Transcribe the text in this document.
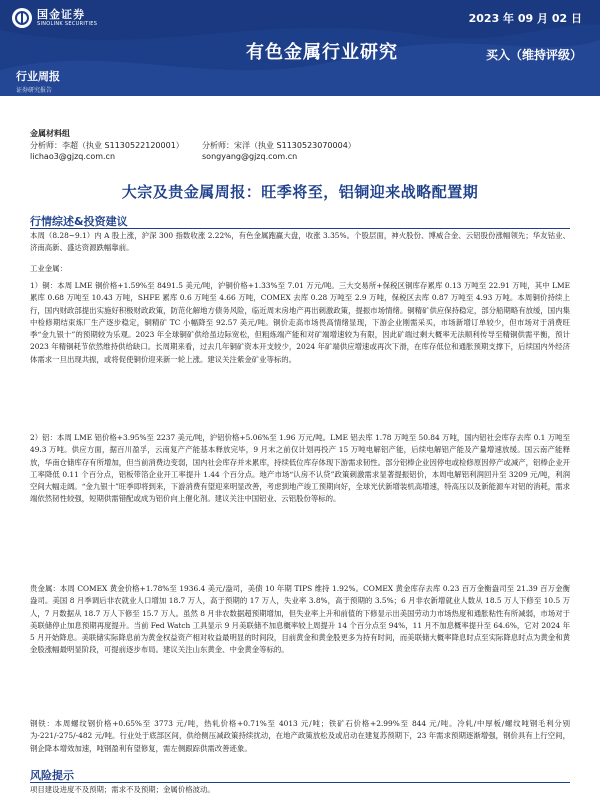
国金证券
SINOLINK SECURITIES	2023 年 09 月 02 日
有色金属行业研究	买入（维持评级）
行业周报
证券研究报告
金属材料组
分析师：李超（执业 S1130522120001） 分析师：宋洋（执业 S1130523070004）
lichao3@gjzq.com.cn	songyang@gjzq.com.cn
大宗及贵金属周报：旺季将至，铝铜迎来战略配置期
行情综述&投资建议

本周（8.28~9.1）内 A 股上涨，沪深 300 指数收涨 2.22%，有色金属跑赢大盘，收涨 3.35%。个股层面，神火股份、博威合金、云铝股份涨幅领先；华友钴业、济南高新、盛达资源跌幅靠前。

工业金属：

1）铜：本周 LME 铜价格+1.59%至 8491.5 美元/吨，沪铜价格+1.33%至 7.01 万元/吨。三大交易所+保税区铜库存累库 0.13 万吨至 22.91 万吨，其中 LME 累库 0.68 万吨至 10.43 万吨，SHFE 累库 0.6 万吨至 4.66 万吨，COMEX 去库 0.28 万吨至 2.9 万吨，保税区去库 0.87 万吨至 4.93 万吨。本周铜价持续上行，国内财政部提出实施好积极财政政策，防范化解地方债务风险，临近周末房地产再出刺激政策，提振市场情绪。铜精矿供应保持稳定，部分船期略有放缓，国内集中检修期结束炼厂生产逐步稳定，铜精矿 TC 小幅降至 92.57 美元/吨。铜价走高市场畏高情绪显现，下游企业刚需采买，市场新增订单较少，但市场对于消费旺季“金九银十”的预期较为乐观。2023 年全球铜矿供给虽边际宽松，但粗炼端产能和对矿端增速较为有限，因此矿端过剩大概率无法顺利传导至精铜供需平衡，预计 2023 年精铜耗节依然维持供给缺口。长周期来看，过去几年铜矿资本开支较少，2024 年矿端供应增速或再次下滑，在库存低位和通胀预期支撑下，后续国内外经济体需求一旦出现共振，或将促使铜价迎来新一轮上涨。建议关注紫金矿业等标的。

2）铝：本周 LME 铝价格+3.95%至 2237 美元/吨，沪铝价格+5.06%至 1.96 万元/吨。LME 铝去库 1.78 万吨至 50.84 万吨，国内铝社会库存去库 0.1 万吨至 49.3 万吨。供应方面，据百川盈孚，云南复产产能基本释放完毕，9 月末之前仅计划再投产 15 万吨电解铝产能，后续电解铝产能及产量增速放缓。国云南产能释放，华南仓储库存有所增加，但当前消费边变弱，国内社会库存并未累库，持续低位库存体现下游需求韧性。部分铝棒企业因停电或检修原因停产或减产，铝棒企业开工率降低 0.11 个百分点，铝板带箔企业开工率提升 1.44 个百分点。地产市场“认房不认贷”政策刺激需求显著提振铝价，本周电解铝利润回升至 3209 元/吨，利润空间大幅走阔。“金九银十”旺季即将到来，下游消费有望迎来明显改善，考虑到地产竣工预期向好，全球光伏新增装机高增速，特高压以及新能源车对铝的消耗，需求端依然韧性较强，短期供需错配或成为铝价向上催化剂。建议关注中国铝业、云铝股份等标的。

贵金属：本周 COMEX 黄金价格+1.78%至 1936.4 美元/盎司，美债 10 年期 TIPS 维持 1.92%。COMEX 黄金库存去库 0.23 百万金衡盎司至 21.39 百万金衡盎司。美国 8 月季调后非农就业人口增加 18.7 万人，高于预期的 17 万人，失业率 3.8%，高于预期的 3.5%；6 月非农新增就业人数从 18.5 万人下修至 10.5 万人，7 月数据从 18.7 万人下修至 15.7 万人。虽然 8 月非农数据超预期增加，但失业率上升和前值的下修显示出美国劳动力市场热度和通胀粘性有所减弱，市场对于美联储停止加息预期再度提升。当前 Fed Watch 工具显示 9 月美联储不加息概率较上周提升 14 个百分点至 94%，11 月不加息概率提升至 64.6%，它对 2024 年 5 月开始降息。美联储实际降息前为黄金权益资产相对收益最明显的时间段，目前黄金和黄金股更多为持有时间，而美联储大概率降息时点至实际降息时点为黄金和黄金股涨幅最明显阶段，可提前逐步布局。建议关注山东黄金、中金黄金等标的。

钢铁：本周螺纹钢价格+0.65%至 3773 元/吨，热轧价格+0.71%至 4013 元/吨；铁矿石价格+2.99%至 844 元/吨。冷轧/中厚板/螺纹吨钢毛利分别为-221/-275/-482 元/吨。行业处于底部区间，供给侧压减政策持续扰动，在地产政策放松及或启动在建复苏预期下，23 年需求预期逐渐增强，钢价具有上行空间，钢企降本增效加速，吨钢盈利有望修复，需左侧跟踪供需改善迹象。

风险提示

项目建设进度不及预期；需求不及预期；金属价格波动。
